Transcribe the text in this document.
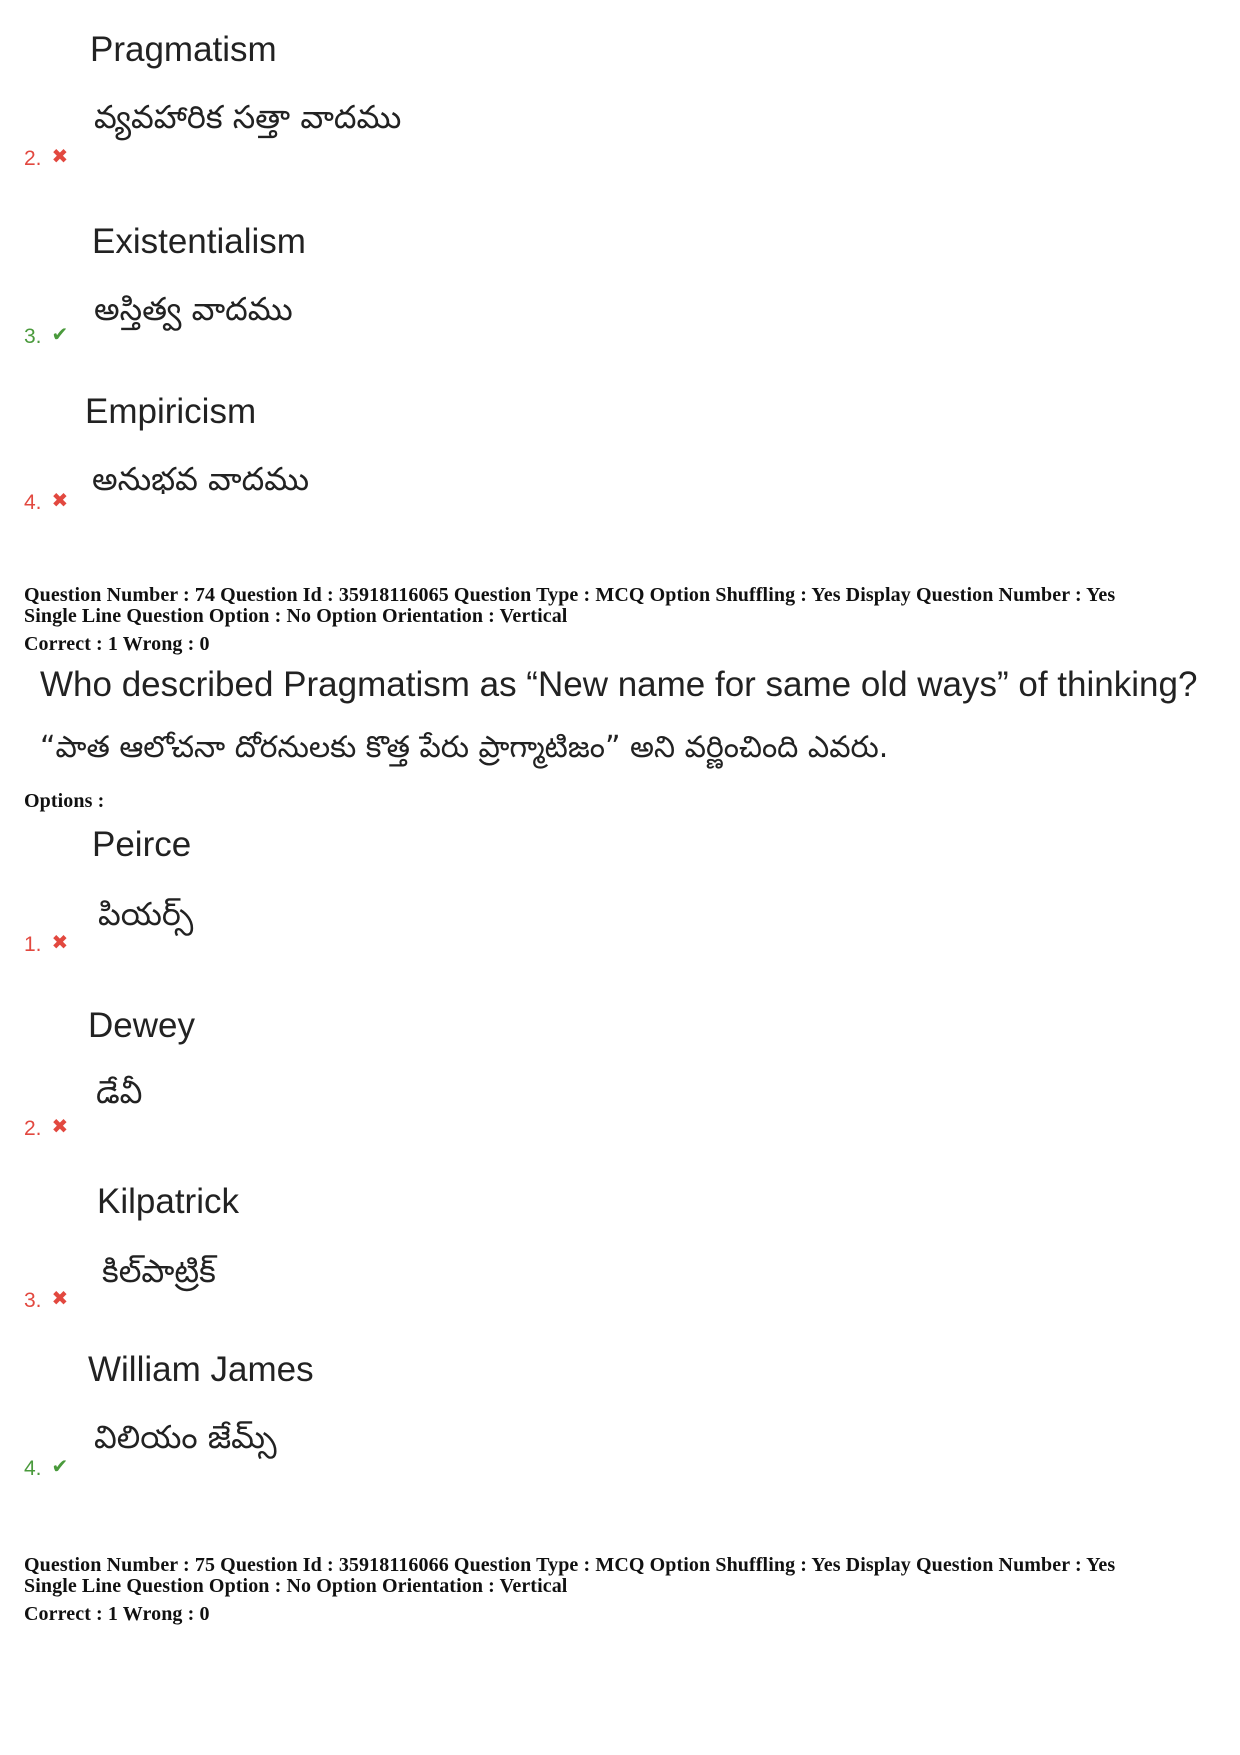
Pragmatism
వ్యవహారిక సత్తా వాదము
2. ✖
Existentialism
అస్తిత్వ వాదము
3. ✔
Empiricism
అనుభవ వాదము
4. ✖
Question Number : 74 Question Id : 35918116065 Question Type : MCQ Option Shuffling : Yes Display Question Number : Yes
Single Line Question Option : No Option Orientation : Vertical
Correct : 1 Wrong : 0
Who described Pragmatism as “New name for same old ways” of thinking?
“పాత ఆలోచనా దోరనులకు కొత్త పేరు ప్రాగ్మాటిజం” అని వర్ణించింది ఎవరు.
Options :
Peirce
పియర్స్
1. ✖
Dewey
డేవీ
2. ✖
Kilpatrick
కిల్‌పాట్రిక్
3. ✖
William James
విలియం జేమ్స్
4. ✔
Question Number : 75 Question Id : 35918116066 Question Type : MCQ Option Shuffling : Yes Display Question Number : Yes
Single Line Question Option : No Option Orientation : Vertical
Correct : 1 Wrong : 0
